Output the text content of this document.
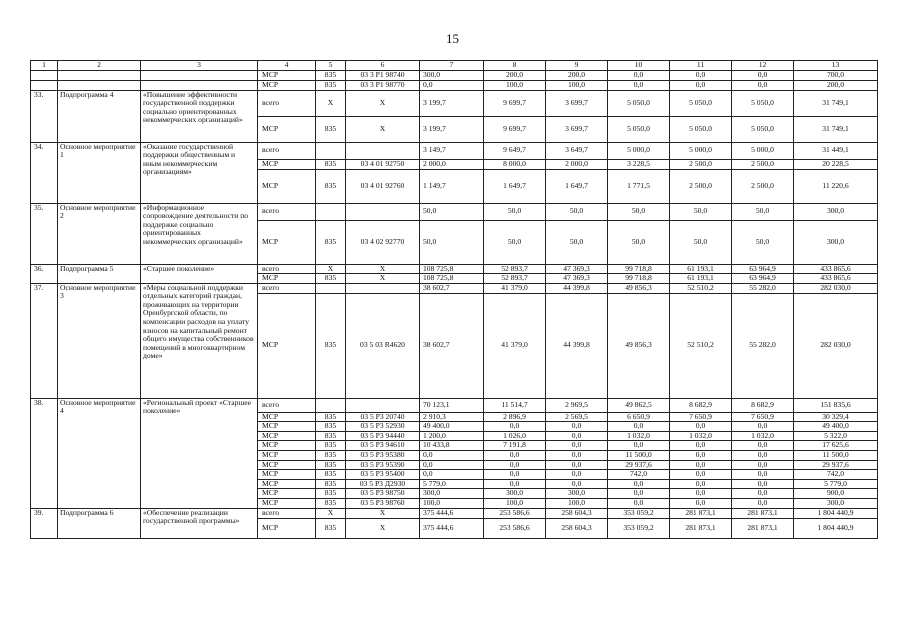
15
1	2	3	4	5	6	7	8	9	10	11	12	13
			МСР	835	03 3 Р1 98740	300,0	200,0	200,0	0,0	0,0	0,0	700,0
			МСР	835	03 3 Р1 98770	0,0	100,0	100,0	0,0	0,0	0,0	200,0
33.	Подпрограмма 4	«Повышение эффективности государственной поддержки социально ориентированных некоммерческих организаций»	всего	Х	Х	3 199,7	9 699,7	3 699,7	5 050,0	5 050,0	5 050,0	31 749,1
			МСР	835	Х	3 199,7	9 699,7	3 699,7	5 050,0	5 050,0	5 050,0	31 749,1
34.	Основное мероприятие 1	«Оказание государственной поддержки общественным и иным некоммерческим организациям»	всего			3 149,7	9 649,7	3 649,7	5 000,0	5 000,0	5 000,0	31 449,1
			МСР	835	03 4 01 92750	2 000,0	8 000,0	2 000,0	3 228,5	2 500,0	2 500,0	20 228,5
			МСР	835	03 4 01 92760	1 149,7	1 649,7	1 649,7	1 771,5	2 500,0	2 500,0	11 220,6
35.	Основное мероприятие 2	«Информационное сопровождение деятельности по поддержке социально ориентированных некоммерческих организаций»	всего			50,0	50,0	50,0	50,0	50,0	50,0	300,0
			МСР	835	03 4 02 92770	50,0	50,0	50,0	50,0	50,0	50,0	300,0
36.	Подпрограмма 5	«Старшее поколение»	всего	Х	Х	108 725,8	52 893,7	47 369,3	99 718,8	61 193,1	63 964,9	433 865,6
			МСР	835	Х	108 725,8	52 893,7	47 369,3	99 718,8	61 193,1	63 964,9	433 865,6
37.	Основное мероприятие 3	«Меры социальной поддержки отдельных категорий граждан, проживающих на территории Оренбургской области, по компенсации расходов на уплату взносов на капитальный ремонт общего имущества собственников помещений в многоквартирном доме»	всего			38 602,7	41 379,0	44 399,8	49 856,3	52 510,2	55 282,0	282 030,0
			МСР	835	03 5 03 R4620	38 602,7	41 379,0	44 399,8	49 856,3	52 510,2	55 282,0	282 030,0
38.	Основное мероприятие 4	«Региональный проект «Старшее поколение»	всего			70 123,1	11 514,7	2 969,5	49 862,5	8 682,9	8 682,9	151 835,6
			МСР	835	03 5 Р3 20740	2 910,3	2 896,9	2 569,5	6 650,9	7 650,9	7 650,9	30 329,4
			МСР	835	03 5 Р3 52930	49 400,0	0,0	0,0	0,0	0,0	0,0	49 400,0
			МСР	835	03 5 Р3 94440	1 200,0	1 026,0	0,0	1 032,0	1 032,0	1 032,0	5 322,0
			МСР	835	03 5 Р3 94610	10 433,8	7 191,8	0,0	0,0	0,0	0,0	17 625,6
			МСР	835	03 5 Р3 95380	0,0	0,0	0,0	11 500,0	0,0	0,0	11 500,0
			МСР	835	03 5 Р3 95390	0,0	0,0	0,0	29 937,6	0,0	0,0	29 937,6
			МСР	835	03 5 Р3 95400	0,0	0,0	0,0	742,0	0,0	0,0	742,0
			МСР	835	03 5 Р3 Д2930	5 779,0	0,0	0,0	0,0	0,0	0,0	5 779,0
			МСР	835	03 5 Р3 98750	300,0	300,0	300,0	0,0	0,0	0,0	900,0
			МСР	835	03 5 Р3 98760	100,0	100,0	100,0	0,0	0,0	0,0	300,0
39.	Подпрограмма 6	«Обеспечение реализации государственной программы»	всего	Х	Х	375 444,6	253 586,6	258 604,3	353 059,2	281 873,1	281 873,1	1 804 440,9
			МСР	835	Х	375 444,6	253 586,6	258 604,3	353 059,2	281 873,1	281 873,1	1 804 440,9
